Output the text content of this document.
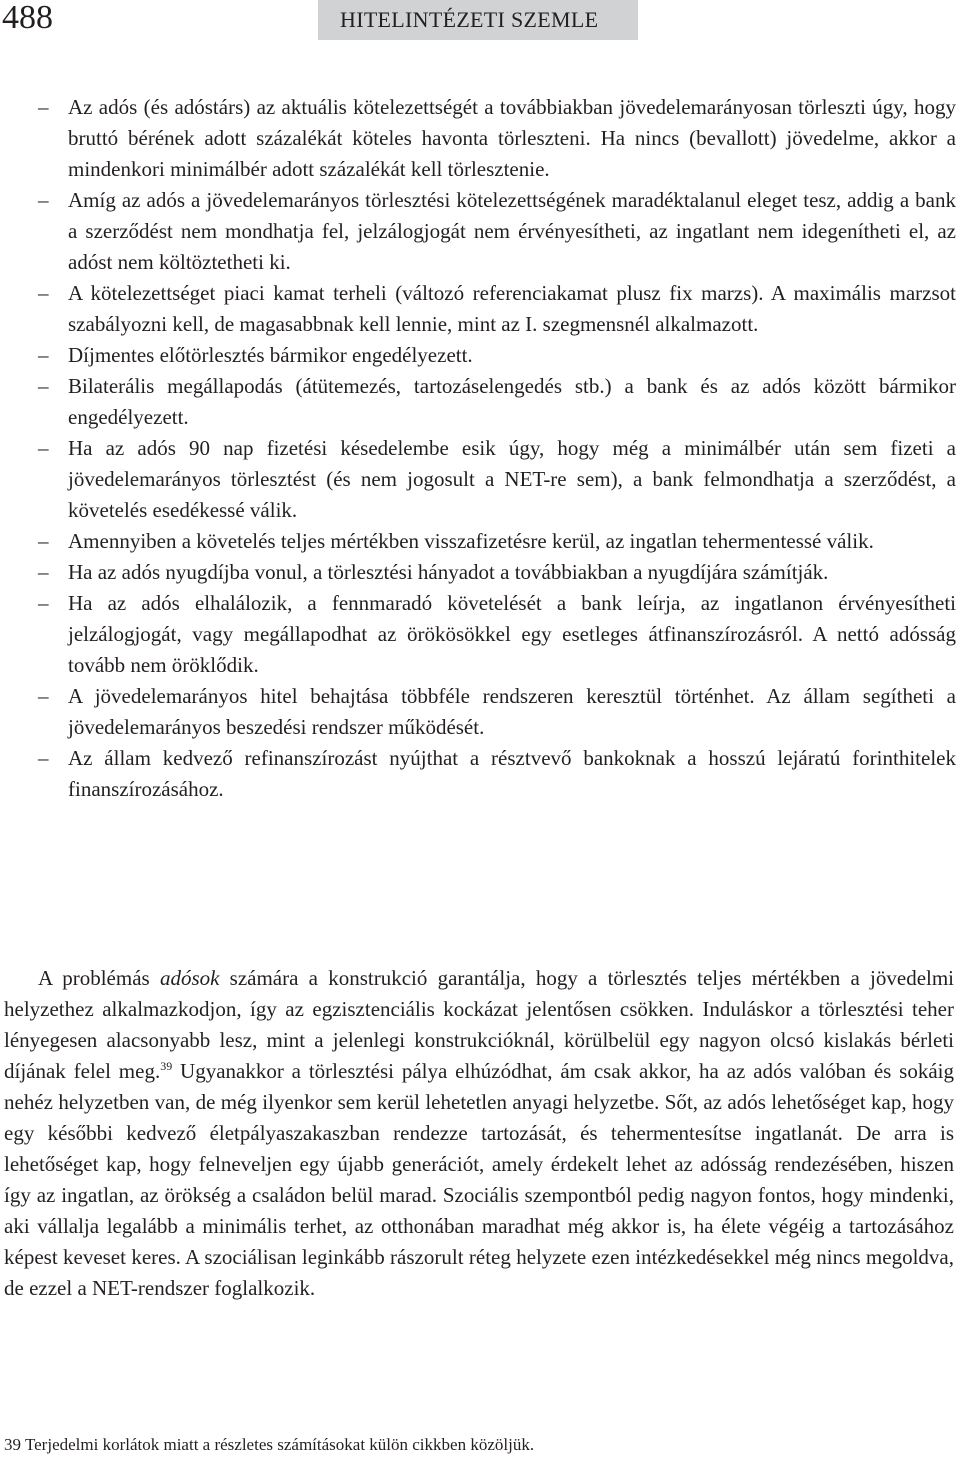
488	HITELINTÉZETI SZEMLE
– Az adós (és adóstárs) az aktuális kötelezettségét a továbbiakban jövedelemarányosan törleszti úgy, hogy bruttó bérének adott százalékát köteles havonta törleszteni. Ha nincs (bevallott) jövedelme, akkor a mindenkori minimálbér adott százalékát kell törlesztenie.
– Amíg az adós a jövedelemarányos törlesztési kötelezettségének maradéktalanul eleget tesz, addig a bank a szerződést nem mondhatja fel, jelzálogjogát nem érvényesítheti, az ingatlant nem idegenítheti el, az adóst nem költöztetheti ki.
– A kötelezettséget piaci kamat terheli (változó referenciakamat plusz fix marzs). A maximális marzsot szabályozni kell, de magasabbnak kell lennie, mint az I. szegmensnél alkalmazott.
– Díjmentes előtörlesztés bármikor engedélyezett.
– Bilaterális megállapodás (átütemezés, tartozáselengedés stb.) a bank és az adós között bármikor engedélyezett.
– Ha az adós 90 nap fizetési késedelembe esik úgy, hogy még a minimálbér után sem fizeti a jövedelemarányos törlesztést (és nem jogosult a NET-re sem), a bank felmondhatja a szerződést, a követelés esedékessé válik.
– Amennyiben a követelés teljes mértékben visszafizetésre kerül, az ingatlan tehermentessé válik.
– Ha az adós nyugdíjba vonul, a törlesztési hányadot a továbbiakban a nyugdíjára számítják.
– Ha az adós elhalálozik, a fennmaradó követelését a bank leírja, az ingatlanon érvényesítheti jelzálogjogát, vagy megállapodhat az örökösökkel egy esetleges átfinanszírozásról. A nettó adósság tovább nem öröklődik.
– A jövedelemarányos hitel behajtása többféle rendszeren keresztül történhet. Az állam segítheti a jövedelemarányos beszedési rendszer működését.
– Az állam kedvező refinanszírozást nyújthat a résztvevő bankoknak a hosszú lejáratú forinthitelek finanszírozásához.

A problémás adósok számára a konstrukció garantálja, hogy a törlesztés teljes mértékben a jövedelmi helyzethez alkalmazkodjon, így az egzisztenciális kockázat jelentősen csökken. Induláskor a törlesztési teher lényegesen alacsonyabb lesz, mint a jelenlegi konstrukcióknál, körülbelül egy nagyon olcsó kislakás bérleti díjának felel meg.$^{39}$ Ugyanakkor a törlesztési pálya elhúzódhat, ám csak akkor, ha az adós valóban és sokáig nehéz helyzetben van, de még ilyenkor sem kerül lehetetlen anyagi helyzetbe. Sőt, az adós lehetőséget kap, hogy egy későbbi kedvező életpályaszakaszban rendezze tartozását, és tehermentesítse ingatlanát. De arra is lehetőséget kap, hogy felneveljen egy újabb generációt, amely érdekelt lehet az adósság rendezésében, hiszen így az ingatlan, az örökség a családon belül marad. Szociális szempontból pedig nagyon fontos, hogy mindenki, aki vállalja legalább a minimális terhet, az otthonában maradhat még akkor is, ha élete végéig a tartozásához képest keveset keres. A szociálisan leginkább rászorult réteg helyzete ezen intézkedésekkel még nincs megoldva, de ezzel a NET-rendszer foglalkozik.

39 Terjedelmi korlátok miatt a részletes számításokat külön cikkben közöljük.
